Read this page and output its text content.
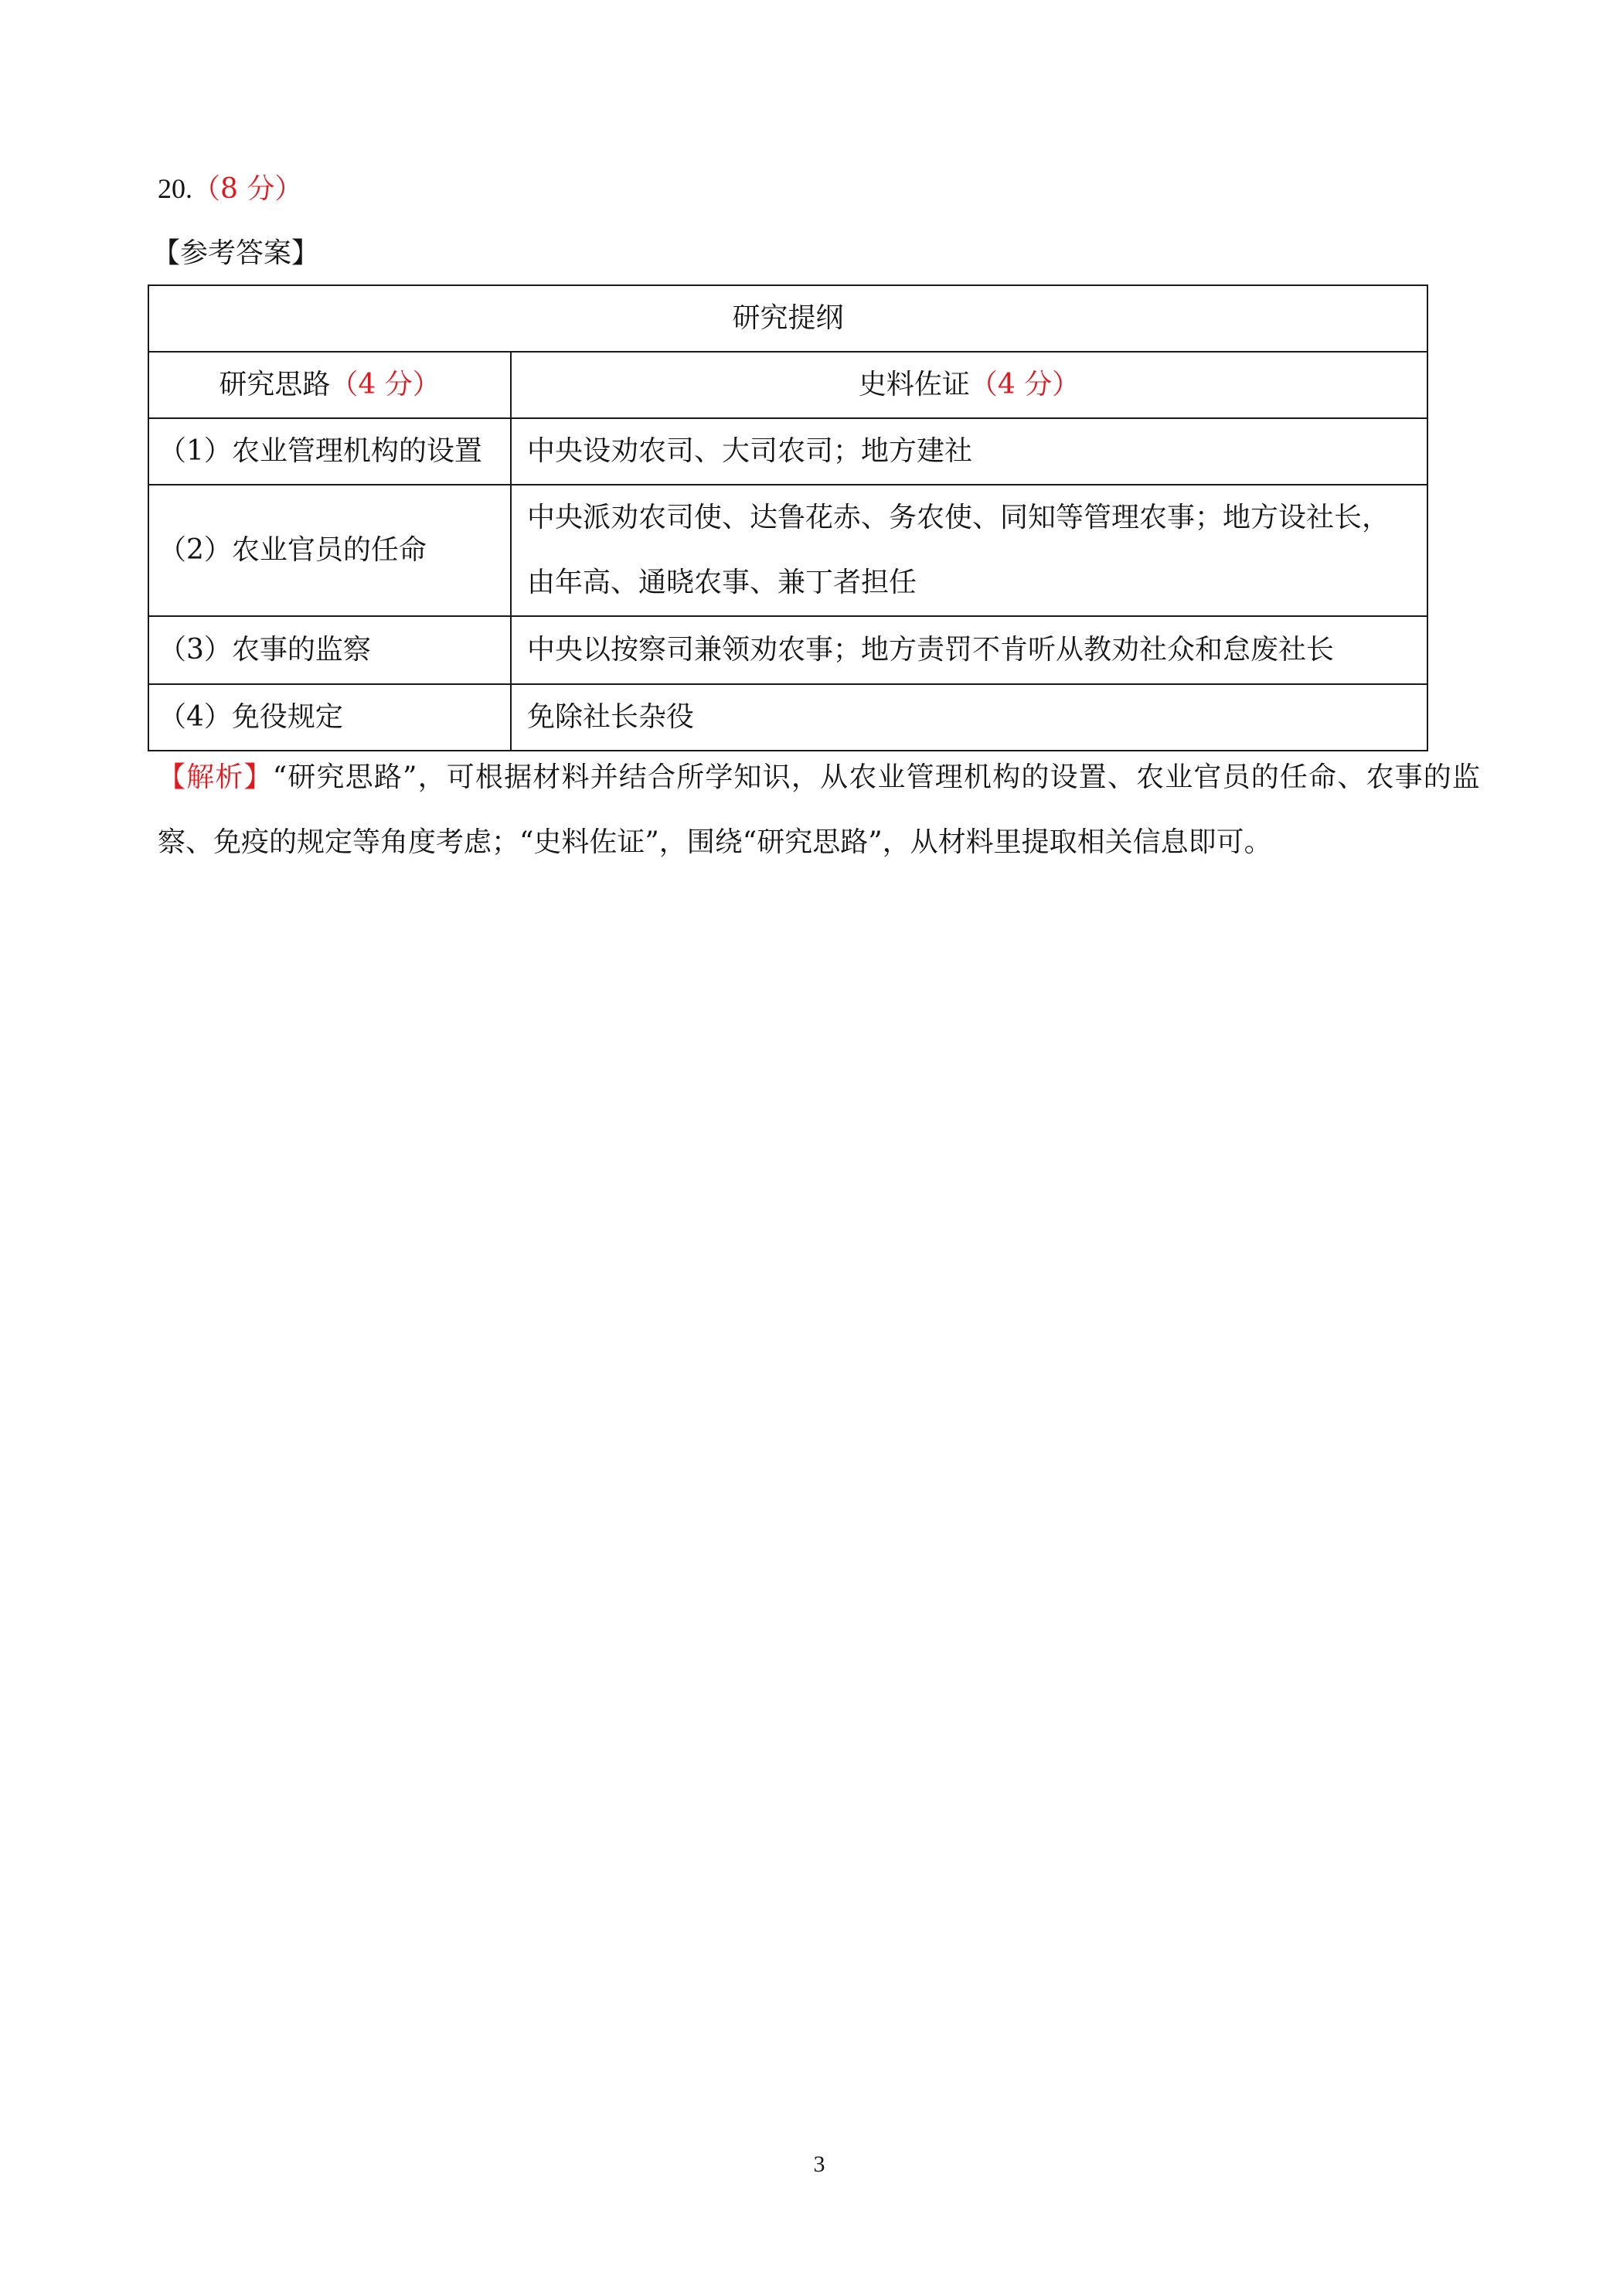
20.（8 分）
【参考答案】
研究提纲	
研究思路（4 分）	史料佐证（4 分）
（1）农业管理机构的设置	中央设劝农司、大司农司；地方建社
（2）农业官员的任命	中央派劝农司使、达鲁花赤、务农使、同知等管理农事；地方设社长，由年高、通晓农事、兼丁者担任
（3）农事的监察	中央以按察司兼领劝农事；地方责罚不肯听从教劝社众和怠废社长
（4）免役规定	免除社长杂役

【解析】“研究思路”，可根据材料并结合所学知识，从农业管理机构的设置、农业官员的任命、农事的监察、免疫的规定等角度考虑；“史料佐证”，围绕“研究思路”，从材料里提取相关信息即可。

3
